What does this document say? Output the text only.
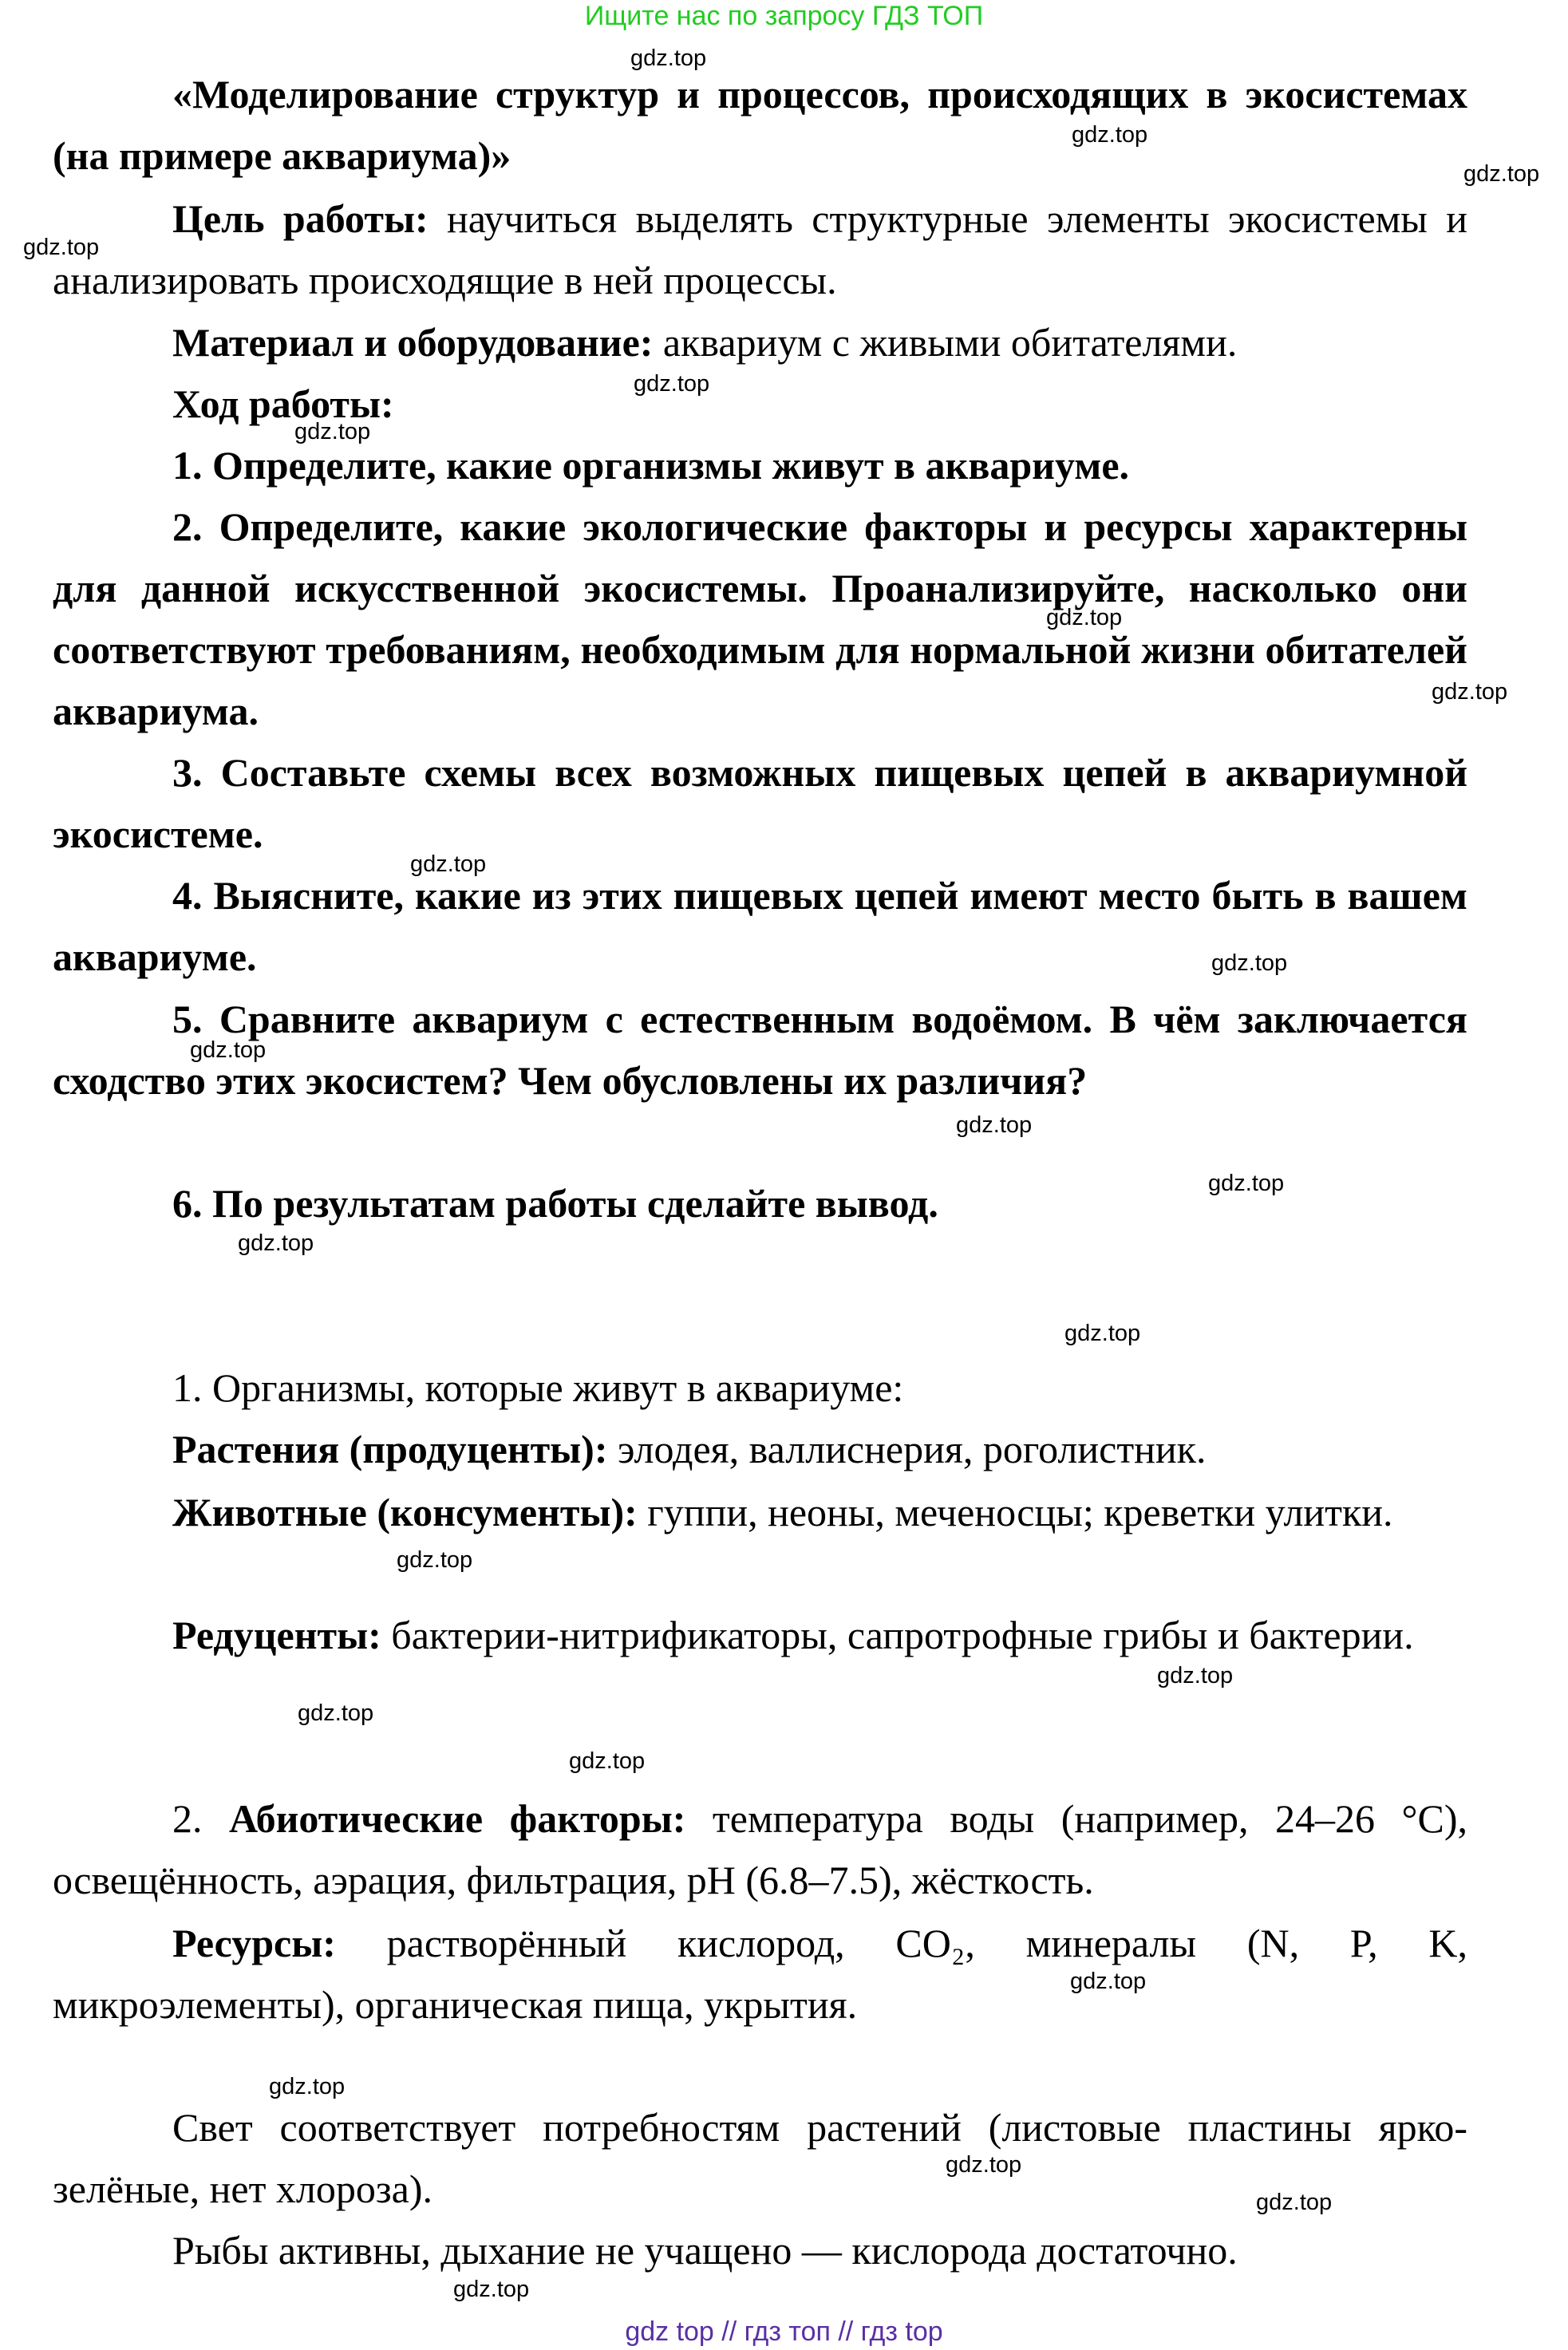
Ищите нас по запросу ГДЗ ТОП
«Моделирование структур и процессов, происходящих в экосистемах (на примере аквариума)»
Цель работы: научиться выделять структурные элементы экосистемы и анализировать происходящие в ней процессы.
Материал и оборудование: аквариум с живыми обитателями.
Ход работы:
1. Определите, какие организмы живут в аквариуме.
2. Определите, какие экологические факторы и ресурсы характерны для данной искусственной экосистемы. Проанализируйте, насколько они соответствуют требованиям, необходимым для нормальной жизни обитателей аквариума.
3. Составьте схемы всех возможных пищевых цепей в аквариумной экосистеме.
4. Выясните, какие из этих пищевых цепей имеют место быть в вашем аквариуме.
5. Сравните аквариум с естественным водоёмом. В чём заключается сходство этих экосистем? Чем обусловлены их различия?
6. По результатам работы сделайте вывод.
1. Организмы, которые живут в аквариуме:
Растения (продуценты): элодея, валлиснерия, роголистник.
Животные (консументы): гуппи, неоны, меченосцы; креветки улитки.
Редуценты: бактерии-нитрификаторы, сапротрофные грибы и бактерии.
2. Абиотические факторы: температура воды (например, 24–26 °C), освещённость, аэрация, фильтрация, pH (6.8–7.5), жёсткость.
Ресурсы: растворённый кислород, CO₂, минералы (N, P, K, микроэлементы), органическая пища, укрытия.
Свет соответствует потребностям растений (листовые пластины ярко-зелёные, нет хлороза).
Рыбы активны, дыхание не учащено — кислорода достаточно.
gdz.top
gdz.top
gdz.top
gdz.top
gdz.top
gdz.top
gdz.top
gdz.top
gdz.top
gdz.top
gdz.top
gdz.top
gdz.top
gdz.top
gdz.top
gdz.top
gdz.top
gdz.top
gdz.top
gdz.top
gdz.top
gdz.top
gdz.top
gdz.top
gdz top // гдз топ // гдз top
